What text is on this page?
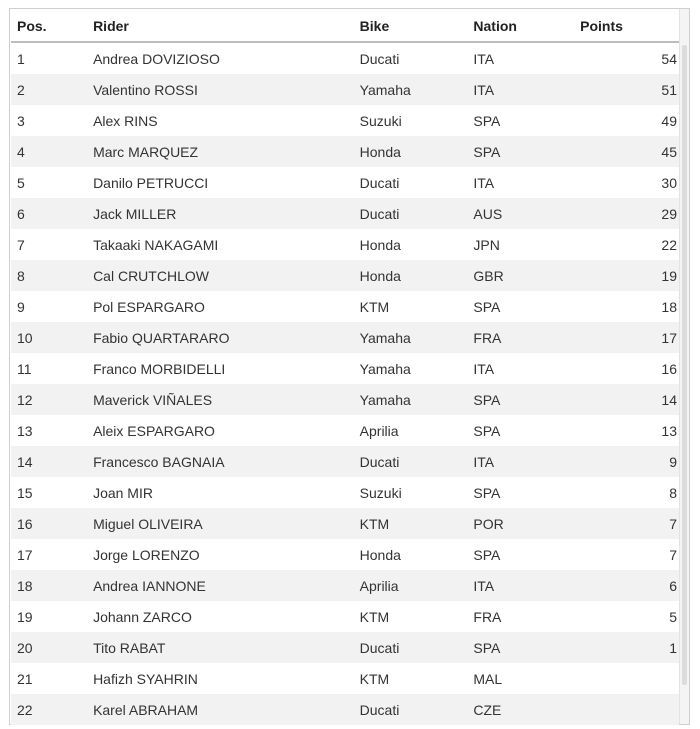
Pos.	Rider	Bike	Nation	Points
1	Andrea DOVIZIOSO	Ducati	ITA	54
2	Valentino ROSSI	Yamaha	ITA	51
3	Alex RINS	Suzuki	SPA	49
4	Marc MARQUEZ	Honda	SPA	45
5	Danilo PETRUCCI	Ducati	ITA	30
6	Jack MILLER	Ducati	AUS	29
7	Takaaki NAKAGAMI	Honda	JPN	22
8	Cal CRUTCHLOW	Honda	GBR	19
9	Pol ESPARGARO	KTM	SPA	18
10	Fabio QUARTARARO	Yamaha	FRA	17
11	Franco MORBIDELLI	Yamaha	ITA	16
12	Maverick VIÑALES	Yamaha	SPA	14
13	Aleix ESPARGARO	Aprilia	SPA	13
14	Francesco BAGNAIA	Ducati	ITA	9
15	Joan MIR	Suzuki	SPA	8
16	Miguel OLIVEIRA	KTM	POR	7
17	Jorge LORENZO	Honda	SPA	7
18	Andrea IANNONE	Aprilia	ITA	6
19	Johann ZARCO	KTM	FRA	5
20	Tito RABAT	Ducati	SPA	1
21	Hafizh SYAHRIN	KTM	MAL	
22	Karel ABRAHAM	Ducati	CZE	
